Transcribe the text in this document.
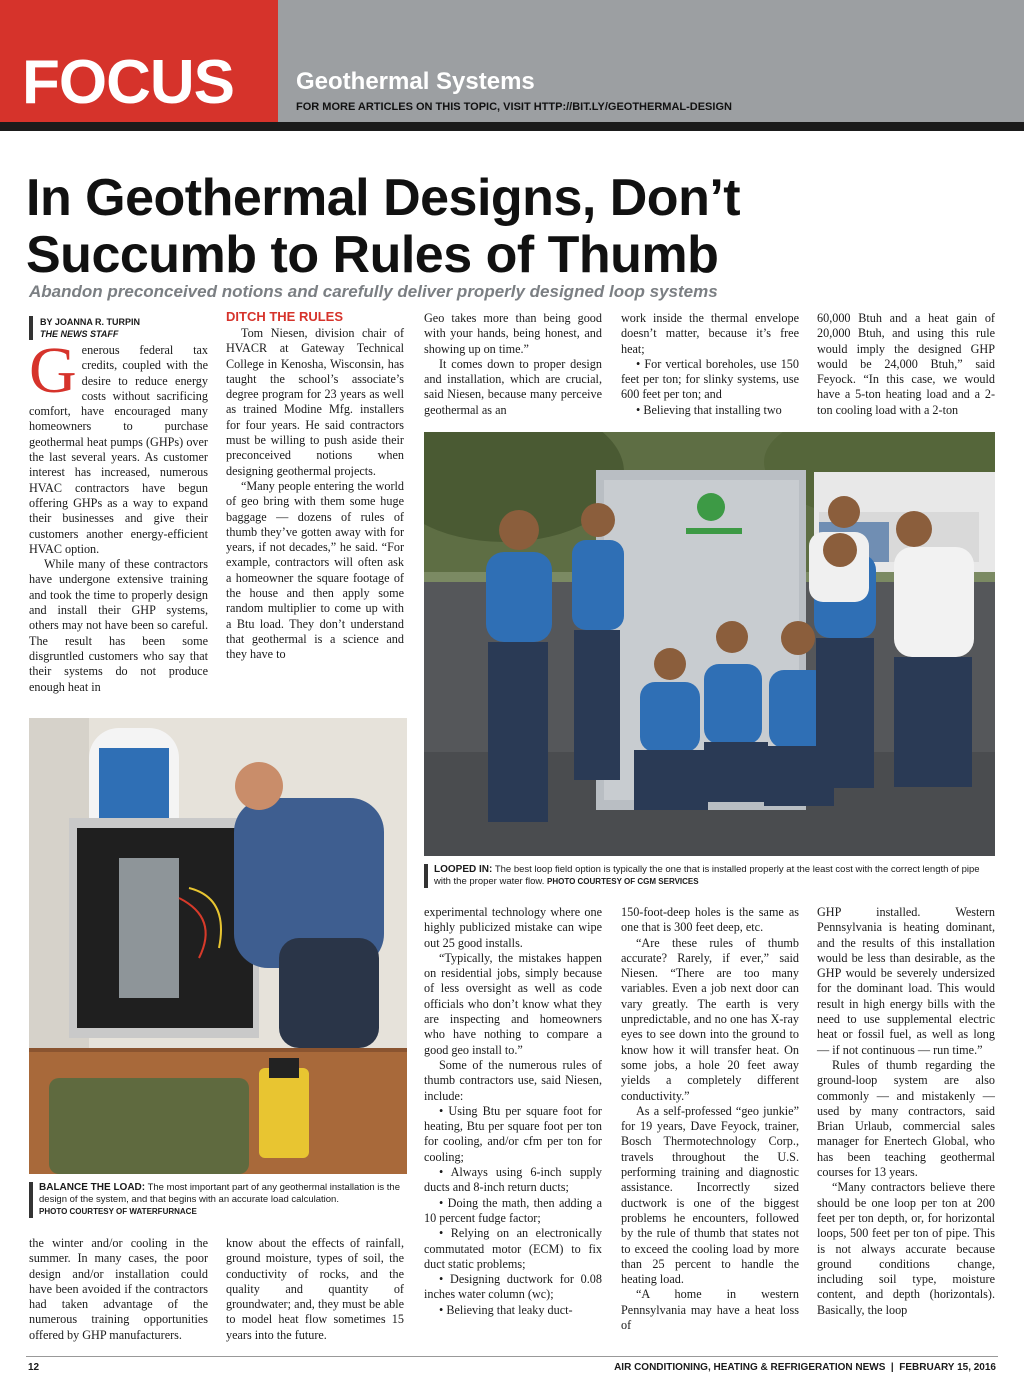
FOCUS	Geothermal Systems
FOR MORE ARTICLES ON THIS TOPIC, VISIT HTTP://BIT.LY/GEOTHERMAL-DESIGN
In Geothermal Designs, Don’t
Succumb to Rules of Thumb
Abandon preconceived notions and carefully deliver properly designed loop systems
BY JOANNA R. TURPIN
THE NEWS STAFF

Generous federal tax credits, coupled with the desire to reduce energy costs without sacrificing comfort, have encouraged many homeowners to purchase geothermal heat pumps (GHPs) over the last several years. As customer interest has increased, numerous HVAC contractors have begun offering GHPs as a way to expand their businesses and give their customers another energy-efficient HVAC option.

While many of these contractors have undergone extensive training and took the time to properly design and install their GHP systems, others may not have been so careful. The result has been some disgruntled customers who say that their systems do not produce enough heat in

DITCH THE RULES

Tom Niesen, division chair of HVACR at Gateway Technical College in Kenosha, Wisconsin, has taught the school’s associate’s degree program for 23 years as well as trained Modine Mfg. installers for four years. He said contractors must be willing to push aside their preconceived notions when designing geothermal projects.

“Many people entering the world of geo bring with them some huge baggage — dozens of rules of thumb they’ve gotten away with for years, if not decades,” he said. “For example, contractors will often ask a homeowner the square footage of the house and then apply some random multiplier to come up with a Btu load. They don’t understand that geothermal is a science and they have to

Geo takes more than being good with your hands, being honest, and showing up on time.”

It comes down to proper design and installation, which are crucial, said Niesen, because many perceive geothermal as an

work inside the thermal envelope doesn’t matter, because it’s free heat;

• For vertical boreholes, use 150 feet per ton; for slinky systems, use 600 feet per ton; and

• Believing that installing two

60,000 Btuh and a heat gain of 20,000 Btuh, and using this rule would imply the designed GHP would be 24,000 Btuh,” said Feyock. “In this case, we would have a 5-ton heating load and a 2-ton cooling load with a 2-ton

LOOPED IN: The best loop field option is typically the one that is installed properly at the least cost with the correct length of pipe with the proper water flow. PHOTO COURTESY OF CGM SERVICES
BALANCE THE LOAD: The most important part of any geothermal installation is the design of the system, and that begins with an accurate load calculation.
PHOTO COURTESY OF WATERFURNACE

the winter and/or cooling in the summer. In many cases, the poor design and/or installation could have been avoided if the contractors had taken advantage of the numerous training opportunities offered by GHP manufacturers.

know about the effects of rainfall, ground moisture, types of soil, the conductivity of rocks, and the quality and quantity of groundwater; and, they must be able to model heat flow sometimes 15 years into the future.

experimental technology where one highly publicized mistake can wipe out 25 good installs.

“Typically, the mistakes happen on residential jobs, simply because of less oversight as well as code officials who don’t know what they are inspecting and homeowners who have nothing to compare a good geo install to.”

Some of the numerous rules of thumb contractors use, said Niesen, include:

• Using Btu per square foot for heating, Btu per square foot per ton for cooling, and/or cfm per ton for cooling;

• Always using 6-inch supply ducts and 8-inch return ducts;

• Doing the math, then adding a 10 percent fudge factor;

• Relying on an electronically commutated motor (ECM) to fix duct static problems;

• Designing ductwork for 0.08 inches water column (wc);

• Believing that leaky duct-

150-foot-deep holes is the same as one that is 300 feet deep, etc.

“Are these rules of thumb accurate? Rarely, if ever,” said Niesen. “There are too many variables. Even a job next door can vary greatly. The earth is very unpredictable, and no one has X-ray eyes to see down into the ground to know how it will transfer heat. On some jobs, a hole 20 feet away yields a completely different conductivity.”

As a self-professed “geo junkie” for 19 years, Dave Feyock, trainer, Bosch Thermotechnology Corp., travels throughout the U.S. performing training and diagnostic assistance. Incorrectly sized ductwork is one of the biggest problems he encounters, followed by the rule of thumb that states not to exceed the cooling load by more than 25 percent to handle the heating load.

“A home in western Pennsylvania may have a heat loss of

GHP installed. Western Pennsylvania is heating dominant, and the results of this installation would be less than desirable, as the GHP would be severely undersized for the dominant load. This would result in high energy bills with the need to use supplemental electric heat or fossil fuel, as well as long — if not continuous — run time.”

Rules of thumb regarding the ground-loop system are also commonly — and mistakenly — used by many contractors, said Brian Urlaub, commercial sales manager for Enertech Global, who has been teaching geothermal courses for 13 years.

“Many contractors believe there should be one loop per ton at 200 feet per ton depth, or, for horizontal loops, 500 feet per ton of pipe. This is not always accurate because ground conditions change, including soil type, moisture content, and depth (horizontals). Basically, the loop

12	AIR CONDITIONING, HEATING & REFRIGERATION NEWS  |  FEBRUARY 15, 2016
